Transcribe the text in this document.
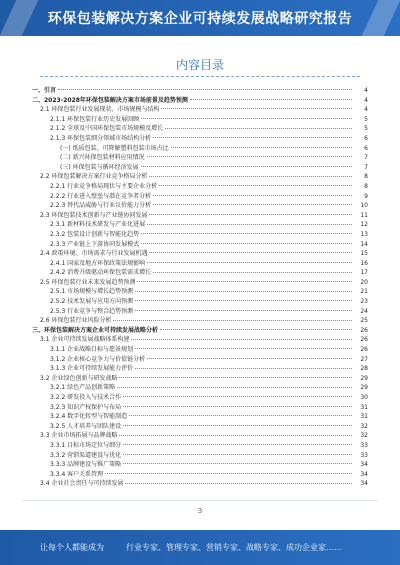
环保包装解决方案企业可持续发展战略研究报告
内容目录
一、引言	4
二、2023-2028年环保包装解决方案市场前景及趋势预测	4
2.1 环保包装行业发展现状、市场规模与结构	4
2.1.1 环保包装行业历史发展回顾	5
2.1.2 全球及中国环保包装市场规模及增长	5
2.1.3 环保包装细分领域市场结构分析	6
(一) 纸质包装、可降解塑料包装市场占比	6
(二) 新兴环保包装材料应用情况	7
(三) 环保包装与循环经济发展	7
2.2 环保包装解决方案行业竞争格局分析	8
2.2.1 行业竞争格局现状与主要企业分析	8
2.2.2 行业进入壁垒与潜在竞争者分析	9
2.2.3 替代品威胁与行业议价能力分析	10
2.3 环保包装技术创新与产业链协同发展	11
2.3.1 新材料技术研发与产业化进展	12
2.3.2 包装设计创新与智能化趋势	13
2.3.3 产业链上下游协同发展模式	14
2.4 政策环境、市场需求与行业发展机遇	15
2.4.1 国家及地方环保政策法规影响	16
2.4.2 消费升级驱动环保包装需求增长	17
2.5 环保包装行业未来发展趋势预测	20
2.5.1 市场规模与增长趋势预测	21
2.5.2 技术发展与应用方向预测	23
2.5.3 行业竞争与整合趋势预测	24
2.6 环保包装行业风险分析	25
三、环保包装解决方案企业可持续发展战略分析	26
3.1 企业可持续发展战略体系构建	26
3.1.1 企业战略目标与愿景规划	26
3.1.2 企业核心竞争力与价值链分析	27
3.1.3 企业可持续发展能力评价	28
3.2 企业绿色创新与研发战略	29
3.2.1 绿色产品创新策略	29
3.2.2 研发投入与技术合作	30
3.2.3 知识产权保护与布局	31
3.2.4 数字化转型与智能制造	31
3.2.5 人才培养与团队建设	32
3.3 企业市场拓展与品牌战略	32
3.3.1 目标市场定位与细分	33
3.3.2 营销渠道建设与优化	33
3.3.3 品牌建设与推广策略	34
3.3.4 客户关系管理	34
3.4 企业社会责任与可持续发展	34
3
让每个人都能成为	行业专家、管理专家、营销专家、战略专家、成功企业家……
